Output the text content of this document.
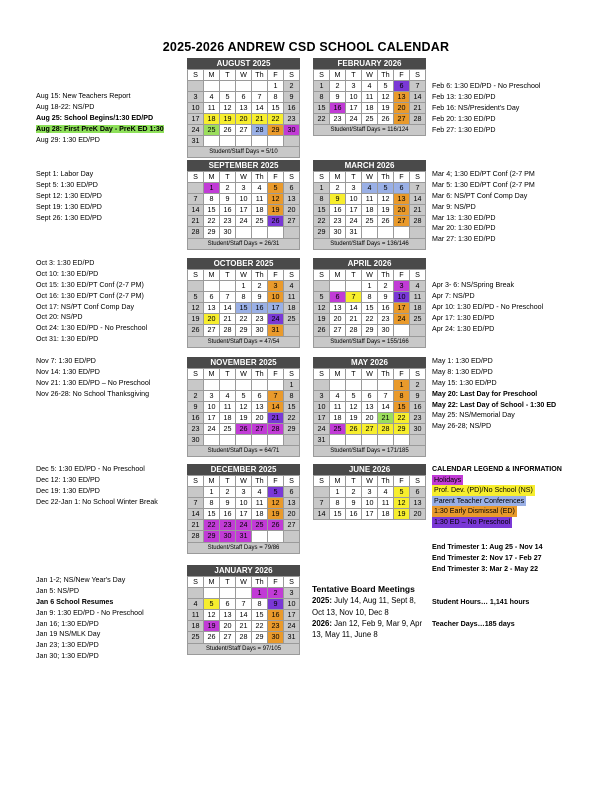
2025-2026 ANDREW CSD SCHOOL CALENDAR
AUGUST 2025
S	M	T	W	Th	F	S
					1	2
3	4	5	6	7	8	9
10	11	12	13	14	15	16
17	18	19	20	21	22	23
24	25	26	27	28	29	30
31						
Student/Staff Days = 5/10
SEPTEMBER 2025
S	M	T	W	Th	F	S
	1	2	3	4	5	6
7	8	9	10	11	12	13
14	15	16	17	18	19	20
21	22	23	24	25	26	27
28	29	30				
Student/Staff Days = 26/31
OCTOBER 2025
S	M	T	W	Th	F	S
			1	2	3	4
5	6	7	8	9	10	11
12	13	14	15	16	17	18
19	20	21	22	23	24	25
26	27	28	29	30	31	
Student/Staff Days = 47/54
NOVEMBER 2025
S	M	T	W	Th	F	S
						1
2	3	4	5	6	7	8
9	10	11	12	13	14	15
16	17	18	19	20	21	22
23	24	25	26	27	28	29
30						
Student/Staff Days = 64/71
DECEMBER 2025
S	M	T	W	Th	F	S
	1	2	3	4	5	6
7	8	9	10	11	12	13
14	15	16	17	18	19	20
21	22	23	24	25	26	27
28	29	30	31			
Student/Staff Days = 79/86
JANUARY 2026
S	M	T	W	Th	F	S
				1	2	3
4	5	6	7	8	9	10
11	12	13	14	15	16	17
18	19	20	21	22	23	24
25	26	27	28	29	30	31
Student/Staff Days = 97/105
FEBRUARY 2026
S	M	T	W	Th	F	S
1	2	3	4	5	6	7
8	9	10	11	12	13	14
15	16	17	18	19	20	21
22	23	24	25	26	27	28
Student/Staff Days = 116/124
MARCH 2026
S	M	T	W	Th	F	S
1	2	3	4	5	6	7
8	9	10	11	12	13	14
15	16	17	18	19	20	21
22	23	24	25	26	27	28
29	30	31				
Student/Staff Days = 136/146
APRIL 2026
S	M	T	W	Th	F	S
			1	2	3	4
5	6	7	8	9	10	11
12	13	14	15	16	17	18
19	20	21	22	23	24	25
26	27	28	29	30		
Student/Staff Days = 155/166
MAY 2026
S	M	T	W	Th	F	S
					1	2
3	4	5	6	7	8	9
10	11	12	13	14	15	16
17	18	19	20	21	22	23
24	25	26	27	28	29	30
31						
Student/Staff Days = 171/185
JUNE 2026
S	M	T	W	Th	F	S
	1	2	3	4	5	6
7	8	9	10	11	12	13
14	15	16	17	18	19	20
Aug 15: New Teachers Report
Aug 18-22: NS/PD
Aug 25: School Begins/1:30 ED/PD
Aug 28: First PreK Day - PreK ED 1:30
Aug 29: 1:30 ED/PD
Sept 1: Labor Day
Sept 5: 1:30 ED/PD
Sept 12: 1:30 ED/PD
Sept 19: 1:30 ED/PD
Sept 26: 1:30 ED/PD
Oct 3: 1:30 ED/PD
Oct 10: 1:30 ED/PD
Oct 15: 1:30 ED/PT Conf (2-7 PM)
Oct 16: 1:30 ED/PT Conf (2-7 PM)
Oct 17: NS/PT Conf Comp Day
Oct 20: NS/PD
Oct 24: 1:30 ED/PD - No Preschool
Oct 31: 1:30 ED/PD
Nov 7: 1:30 ED/PD
Nov 14: 1:30 ED/PD
Nov 21: 1:30 ED/PD – No Preschool
Nov 26-28: No School Thanksgiving
Dec 5: 1:30 ED/PD - No Preschool
Dec 12: 1:30 ED/PD
Dec 19: 1:30 ED/PD
Dec 22-Jan 1: No School Winter Break
Jan 1-2; NS/New Year's Day
Jan 5: NS/PD
Jan 6 School Resumes
Jan 9: 1:30 ED/PD - No Preschool
Jan 16; 1:30 ED/PD
Jan 19 NS/MLK Day
Jan 23; 1:30 ED/PD
Jan 30; 1:30 ED/PD
Feb 6: 1:30 ED/PD - No Preschool
Feb 13: 1:30 ED/PD
Feb 16: NS/President's Day
Feb 20: 1:30 ED/PD
Feb 27: 1:30 ED/PD
Mar 4; 1:30 ED/PT Conf (2-7 PM
Mar 5: 1:30 ED/PT Conf (2-7 PM
Mar 6: NS/PT Conf Comp Day
Mar 9: NS/PD
Mar 13: 1:30 ED/PD
Mar 20: 1:30 ED/PD
Mar 27: 1:30 ED/PD
Apr 3- 6: NS/Spring Break
Apr 7: NS/PD
Apr 10: 1:30 ED/PD - No Preschool
Apr 17: 1:30 ED/PD
Apr 24: 1:30 ED/PD
May 1: 1:30 ED/PD
May 8: 1:30 ED/PD
May 15: 1:30 ED/PD
May 20: Last Day for Preschool
May 22: Last Day of School - 1:30 ED
May 25: NS/Memorial Day
May 26-28; NS/PD
CALENDAR LEGEND & INFORMATION
Holidays
Prof. Dev. (PD)/No School (NS)
Parent Teacher Conferences
1:30 Early Dismissal (ED)
1:30 ED – No Preschool
End Trimester 1: Aug 25 - Nov 14
End Trimester 2: Nov 17 - Feb 27
End Trimester 3: Mar 2 - May 22
Student Hours… 1,141 hours
Teacher Days…185 days
Tentative Board Meetings
2025: July 14, Aug 11, Sept 8, Oct 13, Nov 10, Dec 8
2026: Jan 12, Feb 9, Mar 9, Apr 13, May 11, June 8
